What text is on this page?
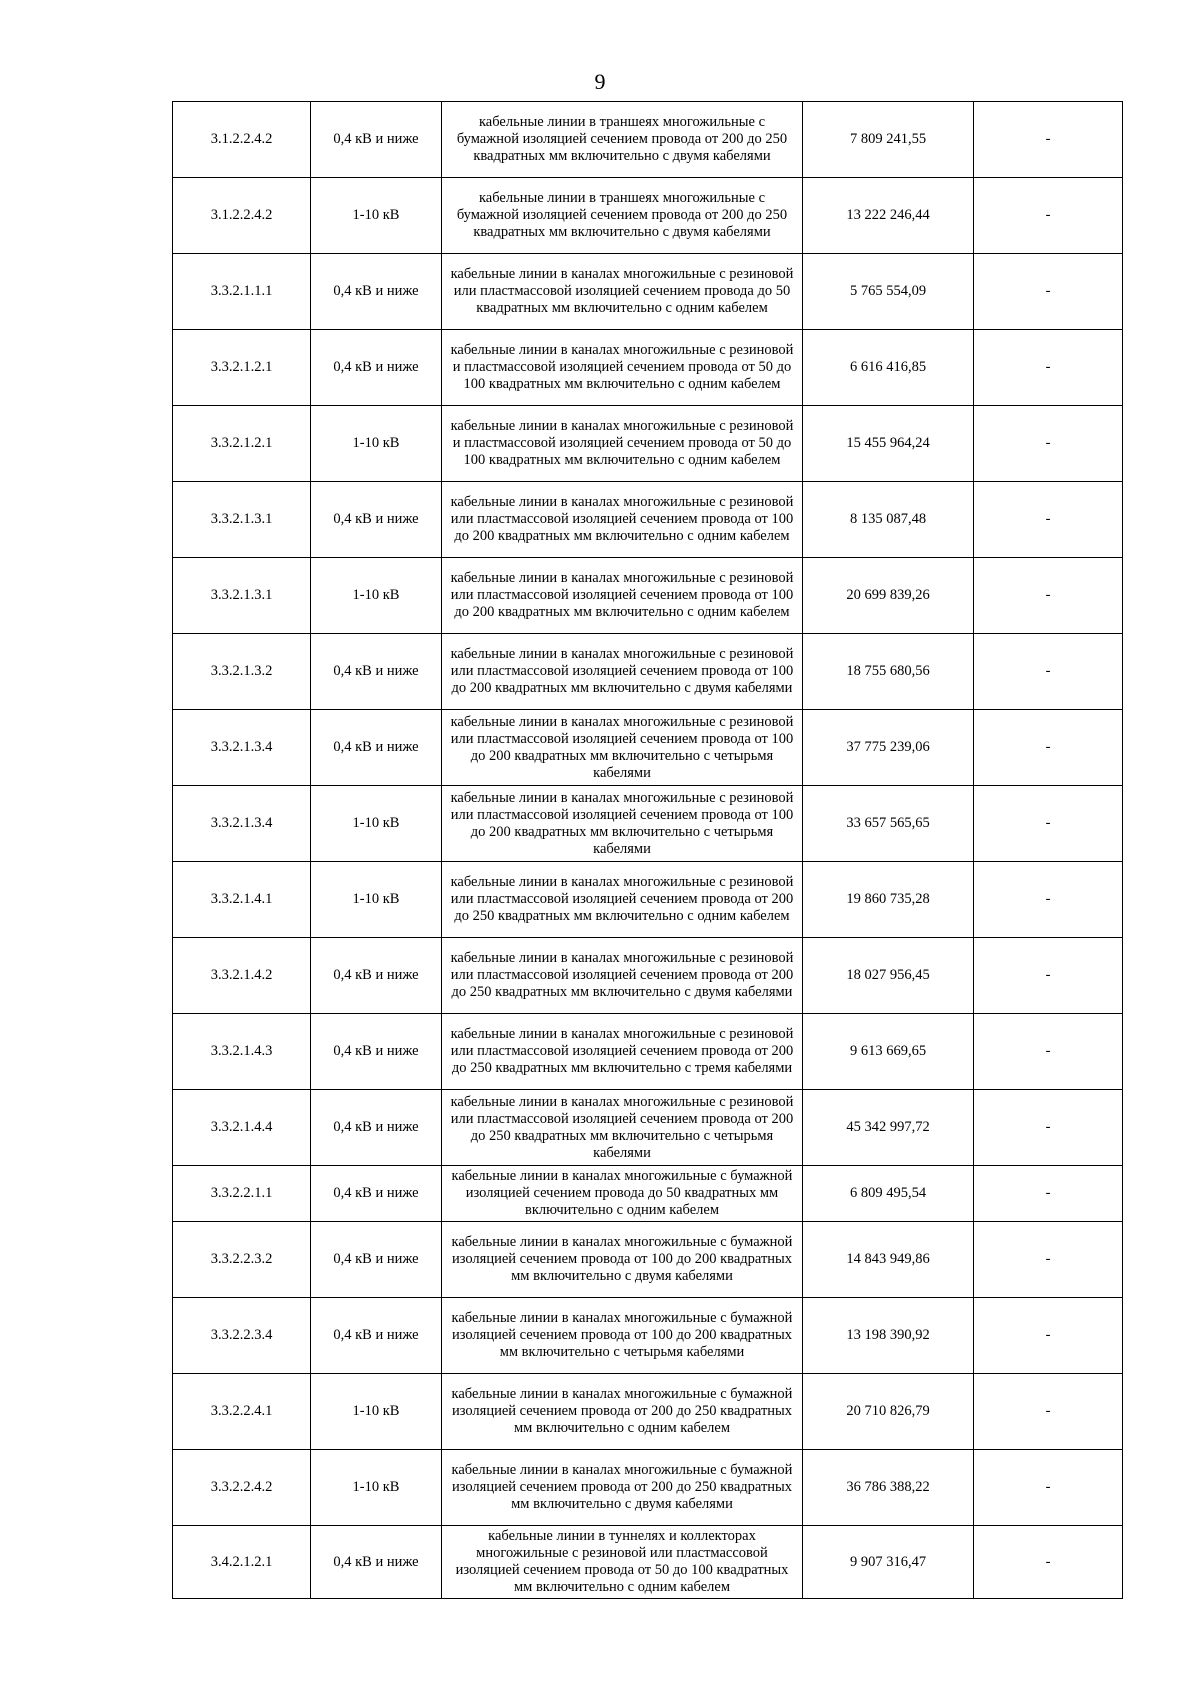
9
3.1.2.2.4.2	0,4 кВ и ниже	кабельные линии в траншеях многожильные с бумажной изоляцией сечением провода от 200 до 250 квадратных мм включительно с двумя кабелями	7 809 241,55	-
3.1.2.2.4.2	1-10 кВ	кабельные линии в траншеях многожильные с бумажной изоляцией сечением провода от 200 до 250 квадратных мм включительно с двумя кабелями	13 222 246,44	-
3.3.2.1.1.1	0,4 кВ и ниже	кабельные линии в каналах многожильные с резиновой или пластмассовой изоляцией сечением провода до 50 квадратных мм включительно с одним кабелем	5 765 554,09	-
3.3.2.1.2.1	0,4 кВ и ниже	кабельные линии в каналах многожильные с резиновой и пластмассовой изоляцией сечением провода от 50 до 100 квадратных мм включительно с одним кабелем	6 616 416,85	-
3.3.2.1.2.1	1-10 кВ	кабельные линии в каналах многожильные с резиновой и пластмассовой изоляцией сечением провода от 50 до 100 квадратных мм включительно с одним кабелем	15 455 964,24	-
3.3.2.1.3.1	0,4 кВ и ниже	кабельные линии в каналах многожильные с резиновой или пластмассовой изоляцией сечением провода от 100 до 200 квадратных мм включительно с одним кабелем	8 135 087,48	-
3.3.2.1.3.1	1-10 кВ	кабельные линии в каналах многожильные с резиновой или пластмассовой изоляцией сечением провода от 100 до 200 квадратных мм включительно с одним кабелем	20 699 839,26	-
3.3.2.1.3.2	0,4 кВ и ниже	кабельные линии в каналах многожильные с резиновой или пластмассовой изоляцией сечением провода от 100 до 200 квадратных мм включительно с двумя кабелями	18 755 680,56	-
3.3.2.1.3.4	0,4 кВ и ниже	кабельные линии в каналах многожильные с резиновой или пластмассовой изоляцией сечением провода от 100 до 200 квадратных мм включительно с четырьмя кабелями	37 775 239,06	-
3.3.2.1.3.4	1-10 кВ	кабельные линии в каналах многожильные с резиновой или пластмассовой изоляцией сечением провода от 100 до 200 квадратных мм включительно с четырьмя кабелями	33 657 565,65	-
3.3.2.1.4.1	1-10 кВ	кабельные линии в каналах многожильные с резиновой или пластмассовой изоляцией сечением провода от 200 до 250 квадратных мм включительно с одним кабелем	19 860 735,28	-
3.3.2.1.4.2	0,4 кВ и ниже	кабельные линии в каналах многожильные с резиновой или пластмассовой изоляцией сечением провода от 200 до 250 квадратных мм включительно с двумя кабелями	18 027 956,45	-
3.3.2.1.4.3	0,4 кВ и ниже	кабельные линии в каналах многожильные с резиновой или пластмассовой изоляцией сечением провода от 200 до 250 квадратных мм включительно с тремя кабелями	9 613 669,65	-
3.3.2.1.4.4	0,4 кВ и ниже	кабельные линии в каналах многожильные с резиновой или пластмассовой изоляцией сечением провода от 200 до 250 квадратных мм включительно с четырьмя кабелями	45 342 997,72	-
3.3.2.2.1.1	0,4 кВ и ниже	кабельные линии в каналах многожильные с бумажной изоляцией сечением провода до 50 квадратных мм включительно с одним кабелем	6 809 495,54	-
3.3.2.2.3.2	0,4 кВ и ниже	кабельные линии в каналах многожильные с бумажной изоляцией сечением провода от 100 до 200 квадратных мм включительно с двумя кабелями	14 843 949,86	-
3.3.2.2.3.4	0,4 кВ и ниже	кабельные линии в каналах многожильные с бумажной изоляцией сечением провода от 100 до 200 квадратных мм включительно с четырьмя кабелями	13 198 390,92	-
3.3.2.2.4.1	1-10 кВ	кабельные линии в каналах многожильные с бумажной изоляцией сечением провода от 200 до 250 квадратных мм включительно с одним кабелем	20 710 826,79	-
3.3.2.2.4.2	1-10 кВ	кабельные линии в каналах многожильные с бумажной изоляцией сечением провода от 200 до 250 квадратных мм включительно с двумя кабелями	36 786 388,22	-
3.4.2.1.2.1	0,4 кВ и ниже	кабельные линии в туннелях и коллекторах многожильные с резиновой или пластмассовой изоляцией сечением провода от 50 до 100 квадратных мм включительно с одним кабелем	9 907 316,47	-
